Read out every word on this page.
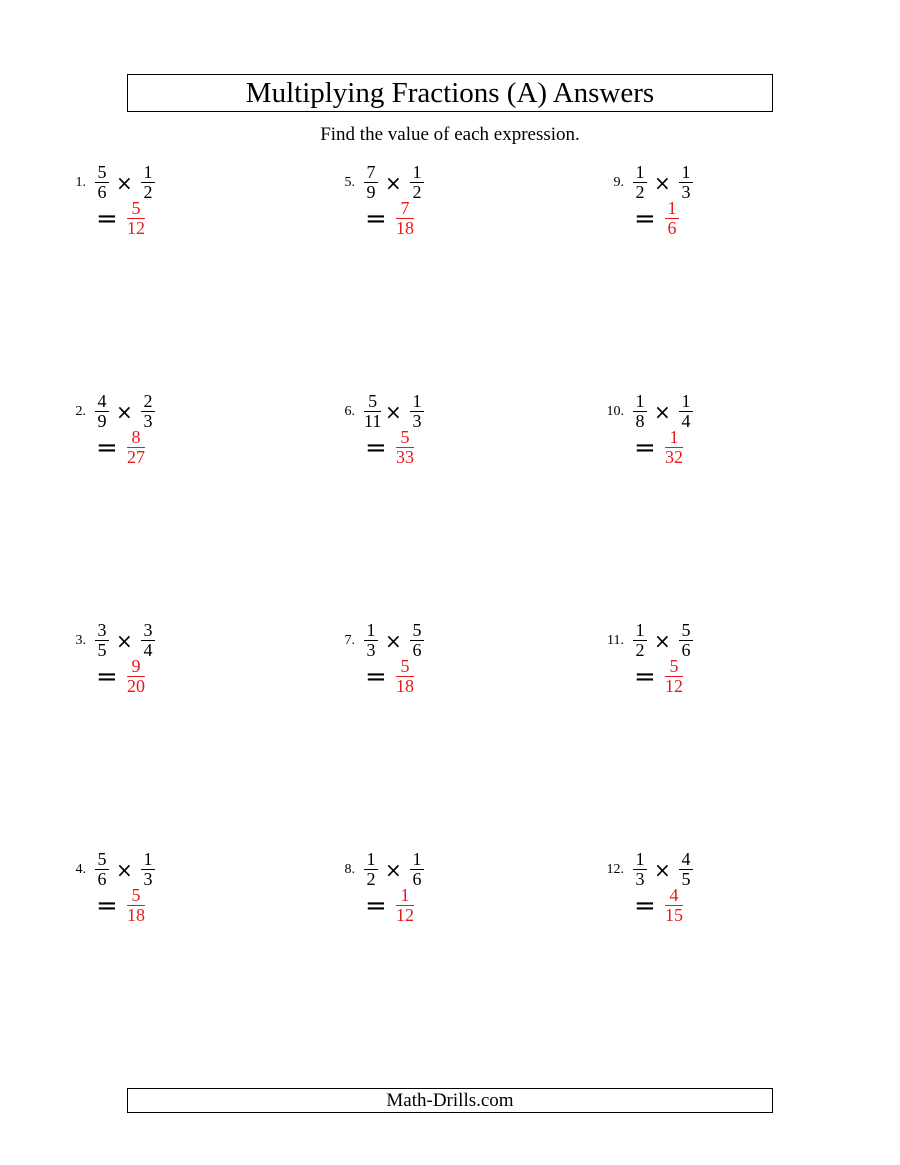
Multiplying Fractions (A) Answers
Find the value of each expression.
1.
5
6 × 1
2
= 5
12
2.
4
9 × 2
3
= 8
27
3.
3
5 × 3
4
= 9
20
4.
5
6 × 1
3
= 5
18
5.
7
9 × 1
2
= 7
18
6.
5
11 × 1
3
= 5
33
7.
1
3 × 5
6
= 5
18
8.
1
2 × 1
6
= 1
12
9.
1
2 × 1
3
= 1
6
10.
1
8 × 1
4
= 1
32
11.
1
2 × 5
6
= 5
12
12.
1
3 × 4
5
= 4
15
Math-Drills.com
